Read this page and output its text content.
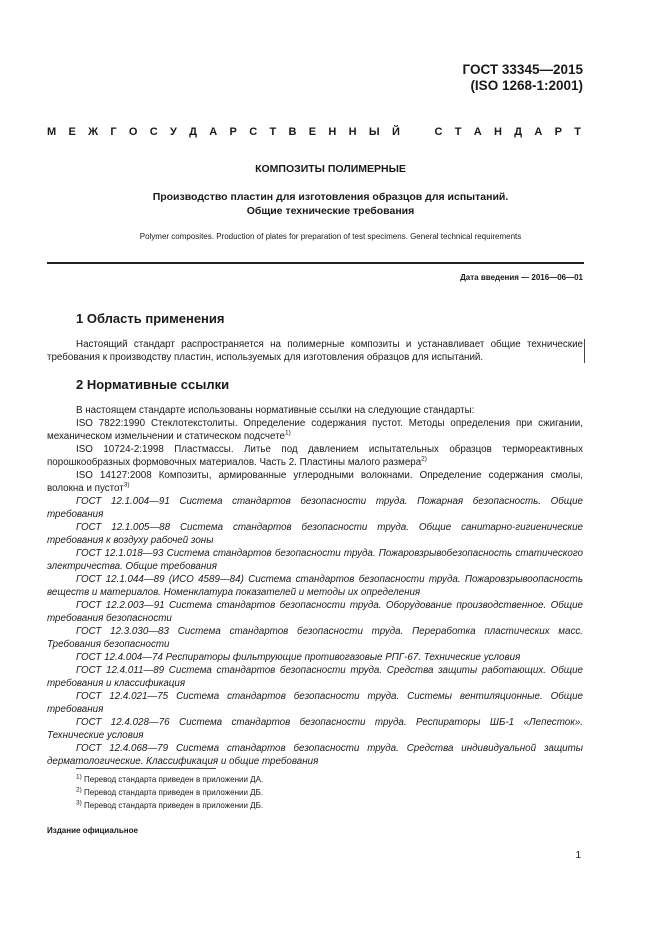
ГОСТ 33345—2015
(ISO 1268-1:2001)
М Е Ж Г О С У Д А Р С Т В Е Н Н Ы Й	С Т А Н Д А Р Т
КОМПОЗИТЫ ПОЛИМЕРНЫЕ
Производство пластин для изготовления образцов для испытаний.
Общие технические требования
Polymer composites. Production of plates for preparation of test specimens. General technical requirements
Дата введения — 2016—06—01
1 Область применения

Настоящий стандарт распространяется на полимерные композиты и устанавливает общие технические требования к производству пластин, используемых для изготовления образцов для испытаний.

2 Нормативные ссылки

В настоящем стандарте использованы нормативные ссылки на следующие стандарты:

ISO 7822:1990 Стеклотекстолиты. Определение содержания пустот. Методы определения при сжигании, механическом измельчении и статическом подсчете$^{1)}$

ISO 10724-2:1998 Пластмассы. Литье под давлением испытательных образцов термореактивных порошкообразных формовочных материалов. Часть 2. Пластины малого размера$^{2)}$

ISO 14127:2008 Композиты, армированные углеродными волокнами. Определение содержания смолы, волокна и пустот$^{3)}$

ГОСТ 12.1.004—91 Система стандартов безопасности труда. Пожарная безопасность. Общие требования

ГОСТ 12.1.005—88 Система стандартов безопасности труда. Общие санитарно-гигиенические требования к воздуху рабочей зоны

ГОСТ 12.1.018—93 Система стандартов безопасности труда. Пожаровзрывобезопасность статического электричества. Общие требования

ГОСТ 12.1.044—89 (ИСО 4589—84) Система стандартов безопасности труда. Пожаровзрывоопасность веществ и материалов. Номенклатура показателей и методы их определения

ГОСТ 12.2.003—91 Система стандартов безопасности труда. Оборудование производственное. Общие требования безопасности

ГОСТ 12.3.030—83 Система стандартов безопасности труда. Переработка пластических масс. Требования безопасности

ГОСТ 12.4.004—74 Респираторы фильтрующие противогазовые РПГ-67. Технические условия

ГОСТ 12.4.011—89 Система стандартов безопасности труда. Средства защиты работающих. Общие требования и классификация

ГОСТ 12.4.021—75 Система стандартов безопасности труда. Системы вентиляционные. Общие требования

ГОСТ 12.4.028—76 Система стандартов безопасности труда. Респираторы ШБ-1 «Лепесток». Технические условия

ГОСТ 12.4.068—79 Система стандартов безопасности труда. Средства индивидуальной защиты дерматологические. Классификация и общие требования

$^{1)}$ Перевод стандарта приведен в приложении ДА.
$^{2)}$ Перевод стандарта приведен в приложении ДБ.
$^{3)}$ Перевод стандарта приведен в приложении ДБ.
Издание официальное
1
